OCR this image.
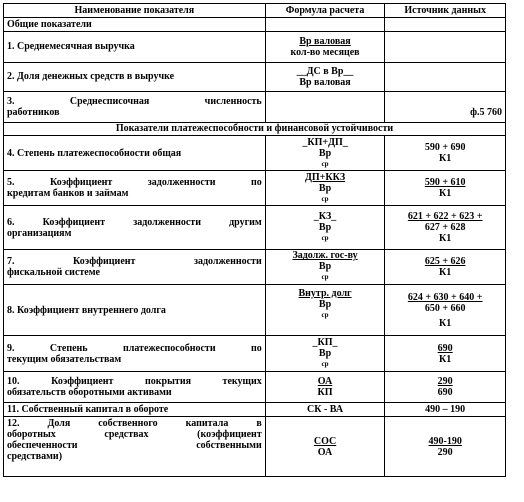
Наименование показателя	Формула расчета	Источник данных
Общие показатели		
1. Среднемесячная выручка	Вр валовая
кол-во месяцев	

2. Доля денежных средств в выручке	__ДС в Вр__
Вр валовая	

3. Среднесписочная численность
работников		ф.5 760
Показатели платежеспособности и финансовой устойчивости		
4. Степень платежеспособности общая	_КП+ДП_
Вр
ср	590 + 690
К1

5. Коэффициент задолженности по
кредитам банков и займам	ДП+ККЗ
Вр
ср	590 + 610
К1

6. Коэффициент задолженности другим
организациям	_КЗ_
Вр
ср	621 + 622 + 623 +
627 + 628
К1

7. Коэффициент задолженности
фискальной системе	Задолж. гос-ву
Вр
ср	625 + 626
К1

8. Коэффициент внутреннего долга	Внутр. долг
Вр
ср	624 + 630 + 640 +
650 + 660
К1

9. Степень платежеспособности по
текущим обязательствам	_КП_
Вр
ср	690
К1

10. Коэффициент покрытия текущих
обязательств оборотными активами	ОА
КП	290
690

11. Собственный капитал в обороте	СК - ВА	490 – 190

12. Доля собственного капитала в
оборотных средствах (коэффициент
обеспеченности собственными
средствами)	СОС
ОА	490-190
290
